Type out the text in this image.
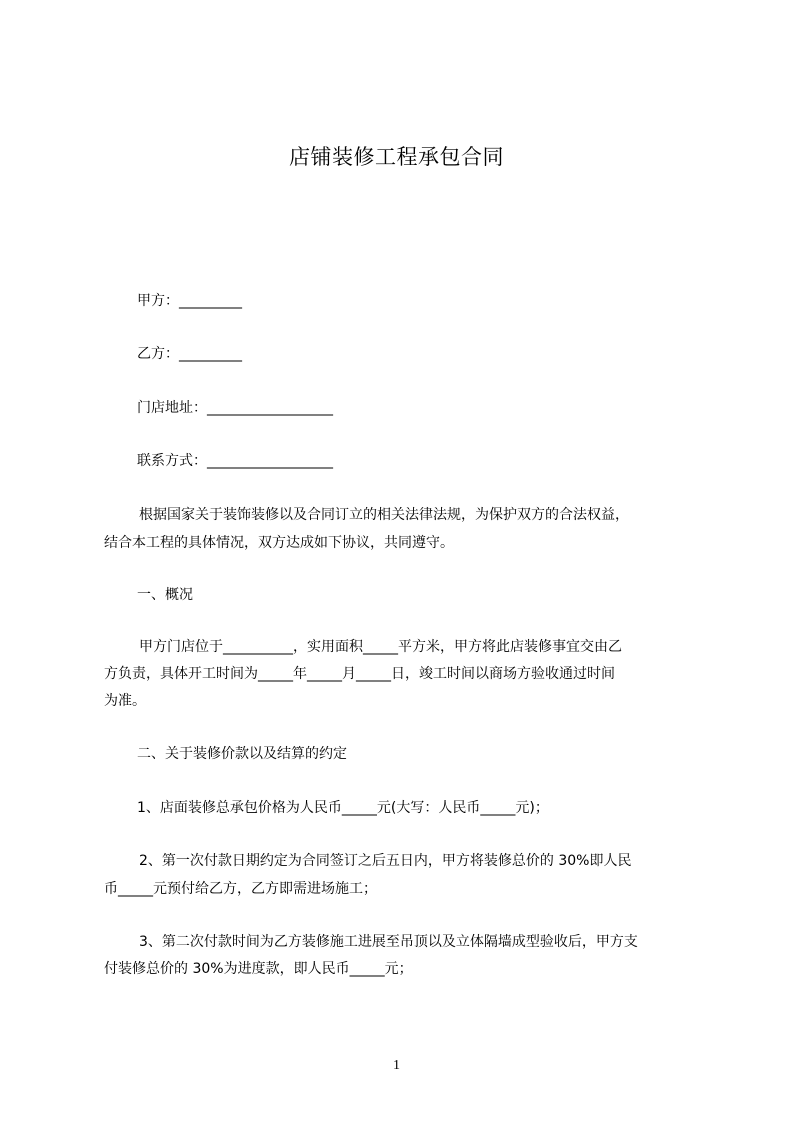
店铺装修工程承包合同
甲方：_________
乙方：_________
门店地址：__________________
联系方式：__________________
根据国家关于装饰装修以及合同订立的相关法律法规，为保护双方的合法权益，
结合本工程的具体情况，双方达成如下协议，共同遵守。
一、概况
甲方门店位于__________，实用面积_____平方米，甲方将此店装修事宜交由乙
方负责，具体开工时间为_____年_____月_____日，竣工时间以商场方验收通过时间
为准。
二、关于装修价款以及结算的约定
1、店面装修总承包价格为人民币_____元(大写：人民币_____元)；
2、第一次付款日期约定为合同签订之后五日内，甲方将装修总价的 30%即人民
币_____元预付给乙方，乙方即需进场施工；
3、第二次付款时间为乙方装修施工进展至吊顶以及立体隔墙成型验收后，甲方支
付装修总价的 30%为进度款，即人民币_____元；
1
